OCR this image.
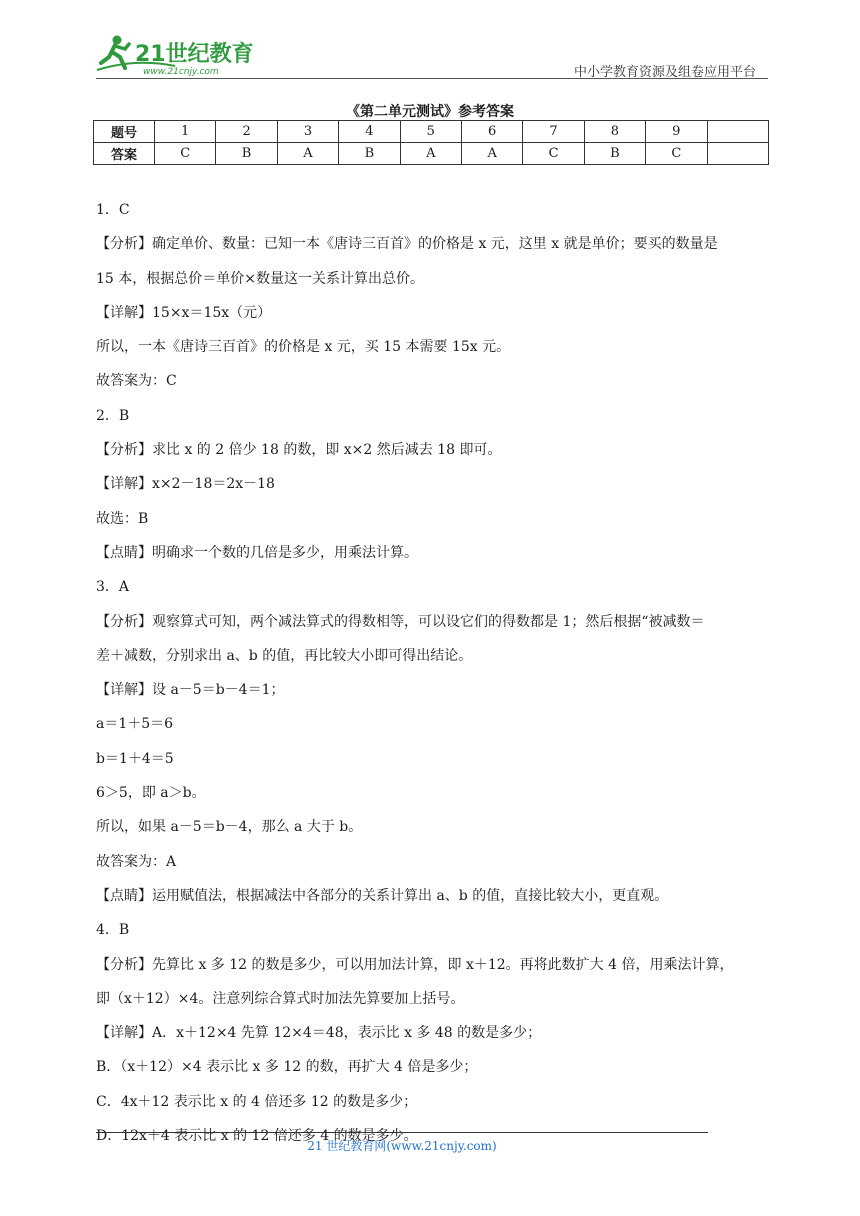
21世纪教育
www.21cnjy.com	中小学教育资源及组卷应用平台
《第二单元测试》参考答案
题号	1	2	3	4	5	6	7	8	9	
答案	C	B	A	B	A	A	C	B	C	
1．C
【分析】确定单价、数量：已知一本《唐诗三百首》的价格是 x 元，这里 x 就是单价；要买的数量是
15 本，根据总价＝单价×数量这一关系计算出总价。
【详解】15×x＝15x（元）
所以，一本《唐诗三百首》的价格是 x 元，买 15 本需要 15x 元。
故答案为：C
2．B
【分析】求比 x 的 2 倍少 18 的数，即 x×2 然后减去 18 即可。
【详解】x×2－18＝2x－18
故选：B
【点睛】明确求一个数的几倍是多少，用乘法计算。
3．A
【分析】观察算式可知，两个减法算式的得数相等，可以设它们的得数都是 1；然后根据“被减数＝
差＋减数，分别求出 a、b 的值，再比较大小即可得出结论。
【详解】设 a－5＝b－4＝1；
a＝1＋5＝6
b＝1＋4＝5
6＞5，即 a＞b。
所以，如果 a－5＝b－4，那么 a 大于 b。
故答案为：A
【点睛】运用赋值法，根据减法中各部分的关系计算出 a、b 的值，直接比较大小，更直观。
4．B
【分析】先算比 x 多 12 的数是多少，可以用加法计算，即 x＋12。再将此数扩大 4 倍，用乘法计算，
即（x＋12）×4。注意列综合算式时加法先算要加上括号。
【详解】A．x＋12×4 先算 12×4＝48，表示比 x 多 48 的数是多少；
B．（x＋12）×4 表示比 x 多 12 的数，再扩大 4 倍是多少；
C．4x＋12 表示比 x 的 4 倍还多 12 的数是多少；
D．12x＋4 表示比 x 的 12 倍还多 4 的数是多少。
21 世纪教育网(www.21cnjy.com)
